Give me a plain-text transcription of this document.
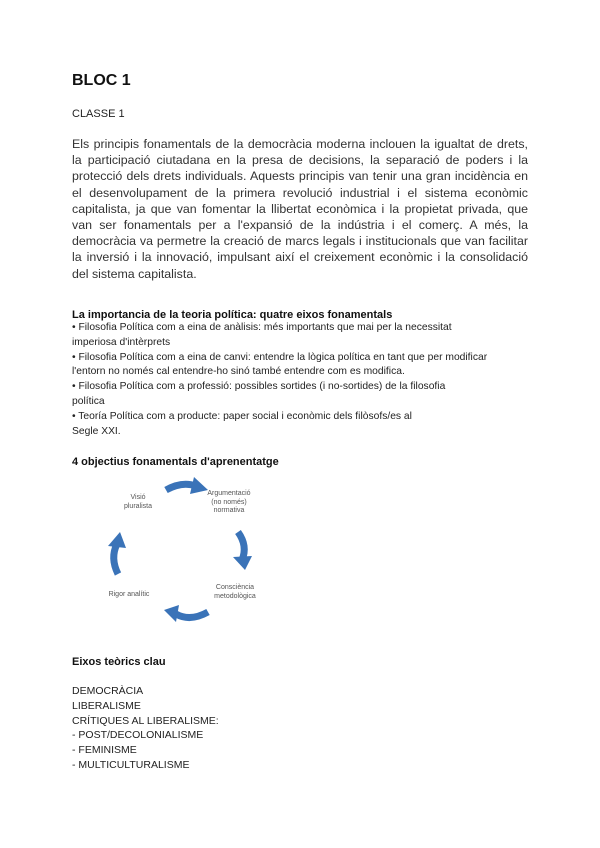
BLOC 1
CLASSE 1
Els principis fonamentals de la democràcia moderna inclouen la igualtat de drets, la participació ciutadana en la presa de decisions, la separació de poders i la protecció dels drets individuals. Aquests principis van tenir una gran incidència en el desenvolupament de la primera revolució industrial i el sistema econòmic capitalista, ja que van fomentar la llibertat econòmica i la propietat privada, que van ser fonamentals per a l'expansió de la indústria i el comerç. A més, la democràcia va permetre la creació de marcs legals i institucionals que van facilitar la inversió i la innovació, impulsant així el creixement econòmic i la consolidació del sistema capitalista.
La importancia de la teoria política: quatre eixos fonamentals
• Filosofia Política com a eina de anàlisis: més importants que mai per la necessitat
imperiosa d'intèrprets
• Filosofia Política com a eina de canvi: entendre la lògica política en tant que per modificar
l'entorn no només cal entendre-ho sinó també entendre com es modifica.
• Filosofia Política com a professió: possibles sortides (i no-sortides) de la filosofia
política
• Teoría Política com a producte: paper social i econòmic dels filòsofs/es al
Segle XXI.
4 objectius fonamentals d'aprenentatge
Visió
pluralista
Argumentació
(no només)
normativa
Consciència
metodològica
Rigor analític
Eixos teòrics clau
DEMOCRÀCIA
LIBERALISME
CRÍTIQUES AL LIBERALISME:
- POST/DECOLONIALISME
- FEMINISME
- MULTICULTURALISME
